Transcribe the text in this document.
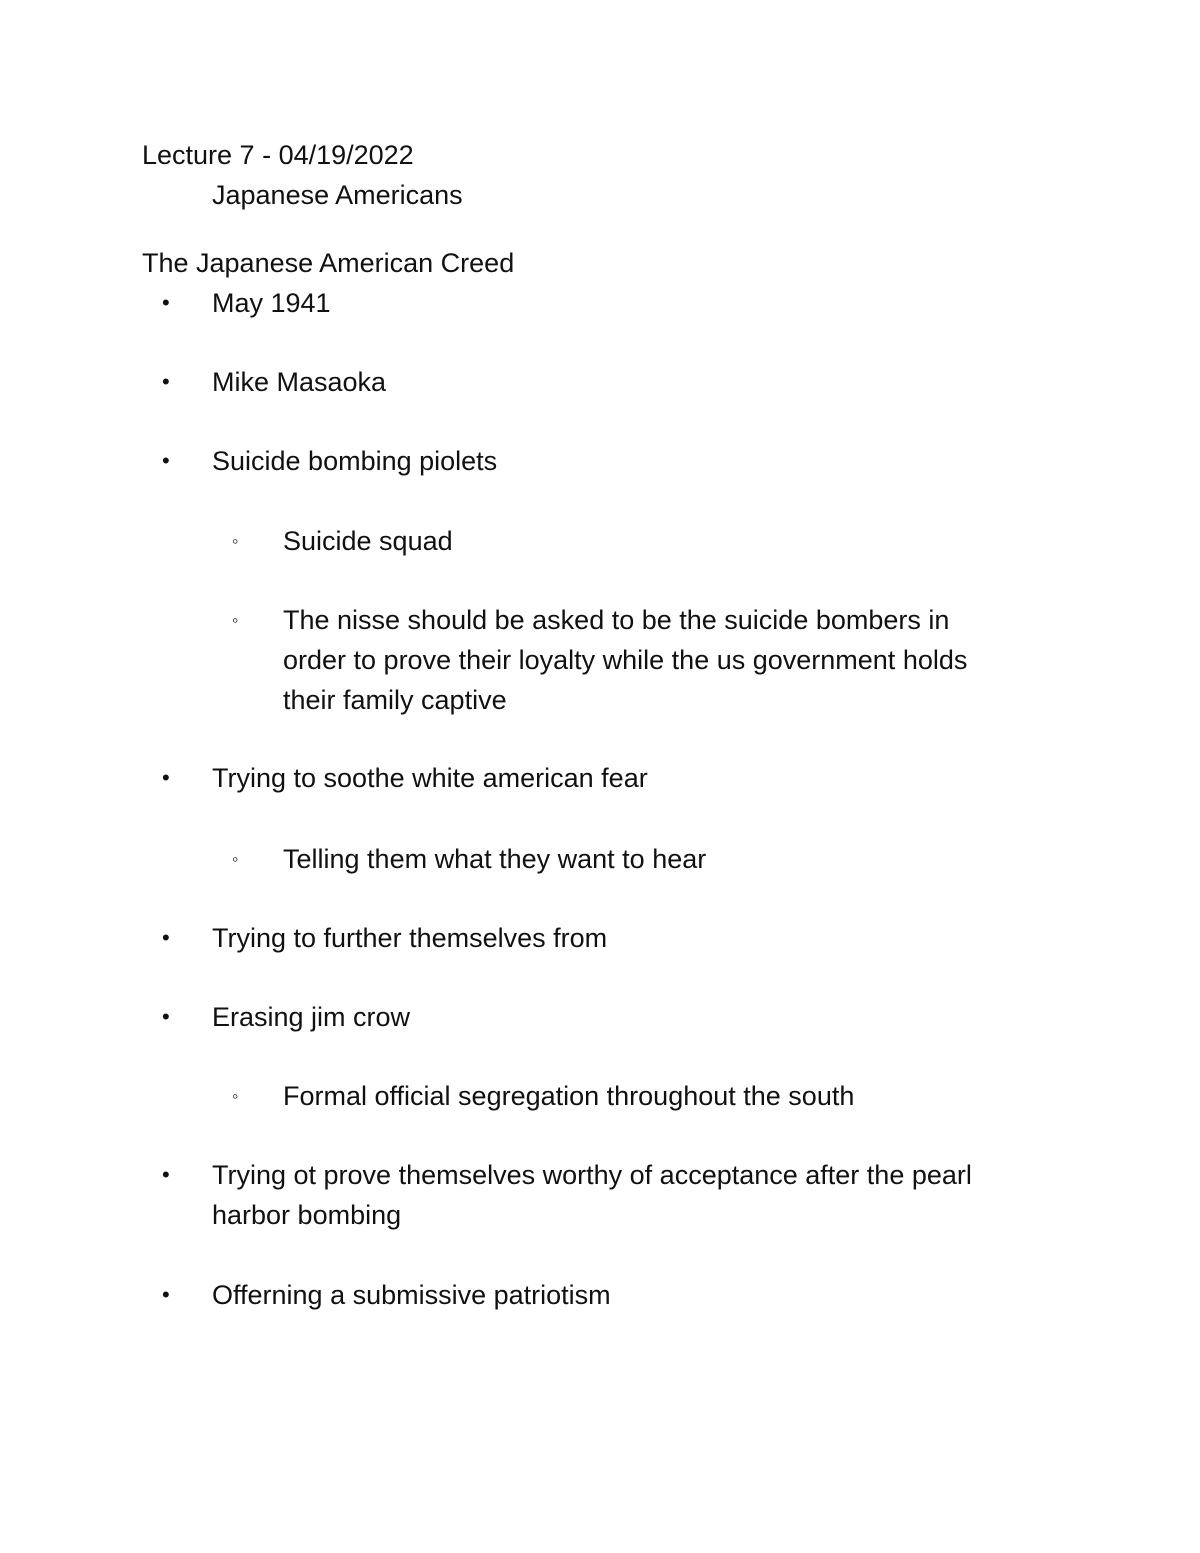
Lecture 7 - 04/19/2022
Japanese Americans
The Japanese American Creed
• May 1941
• Mike Masaoka
• Suicide bombing piolets
◦ Suicide squad
◦ The nisse should be asked to be the suicide bombers in
order to prove their loyalty while the us government holds
their family captive
• Trying to soothe white american fear
◦ Telling them what they want to hear
• Trying to further themselves from
• Erasing jim crow
◦ Formal official segregation throughout the south
• Trying ot prove themselves worthy of acceptance after the pearl
harbor bombing
• Offerning a submissive patriotism
